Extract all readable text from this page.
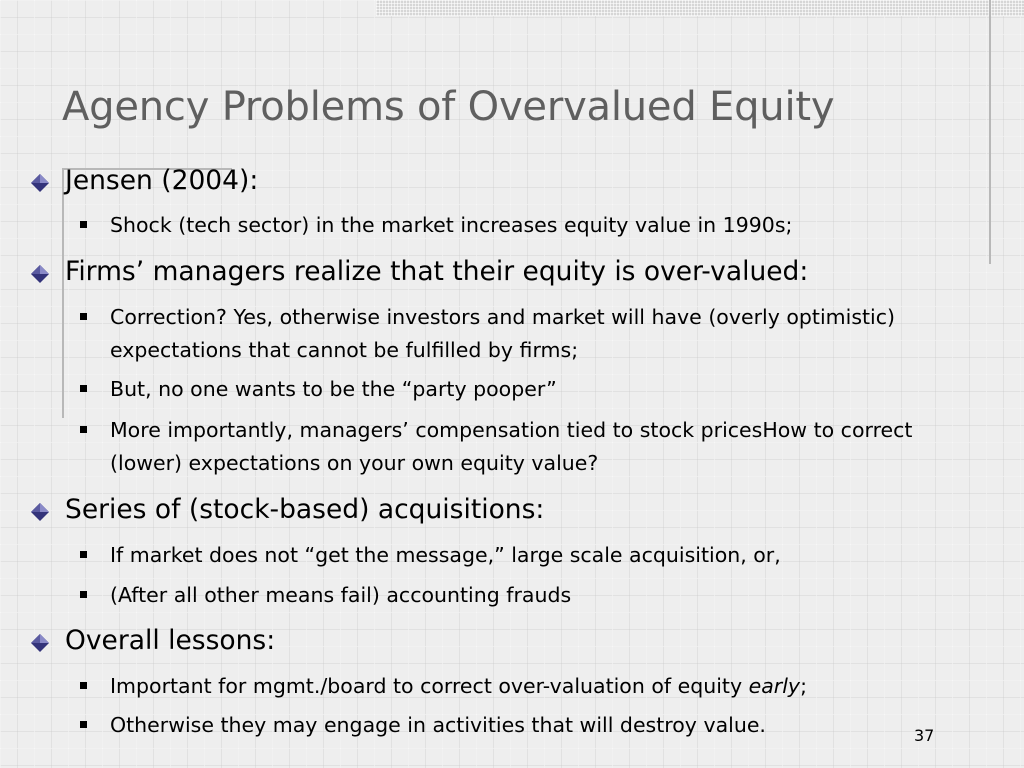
Agency Problems of Overvalued Equity
Jensen (2004):
Shock (tech sector) in the market increases equity value in 1990s;
Firms’ managers realize that their equity is over-valued:
Correction? Yes, otherwise investors and market will have (overly optimistic) expectations that cannot be fulfilled by firms;
But, no one wants to be the “party pooper”
More importantly, managers’ compensation tied to stock pricesHow to correct (lower) expectations on your own equity value?
Series of (stock-based) acquisitions:
If market does not “get the message,” large scale acquisition, or,
(After all other means fail) accounting frauds
Overall lessons:
Important for mgmt./board to correct over-valuation of equity early;
Otherwise they may engage in activities that will destroy value.	37
